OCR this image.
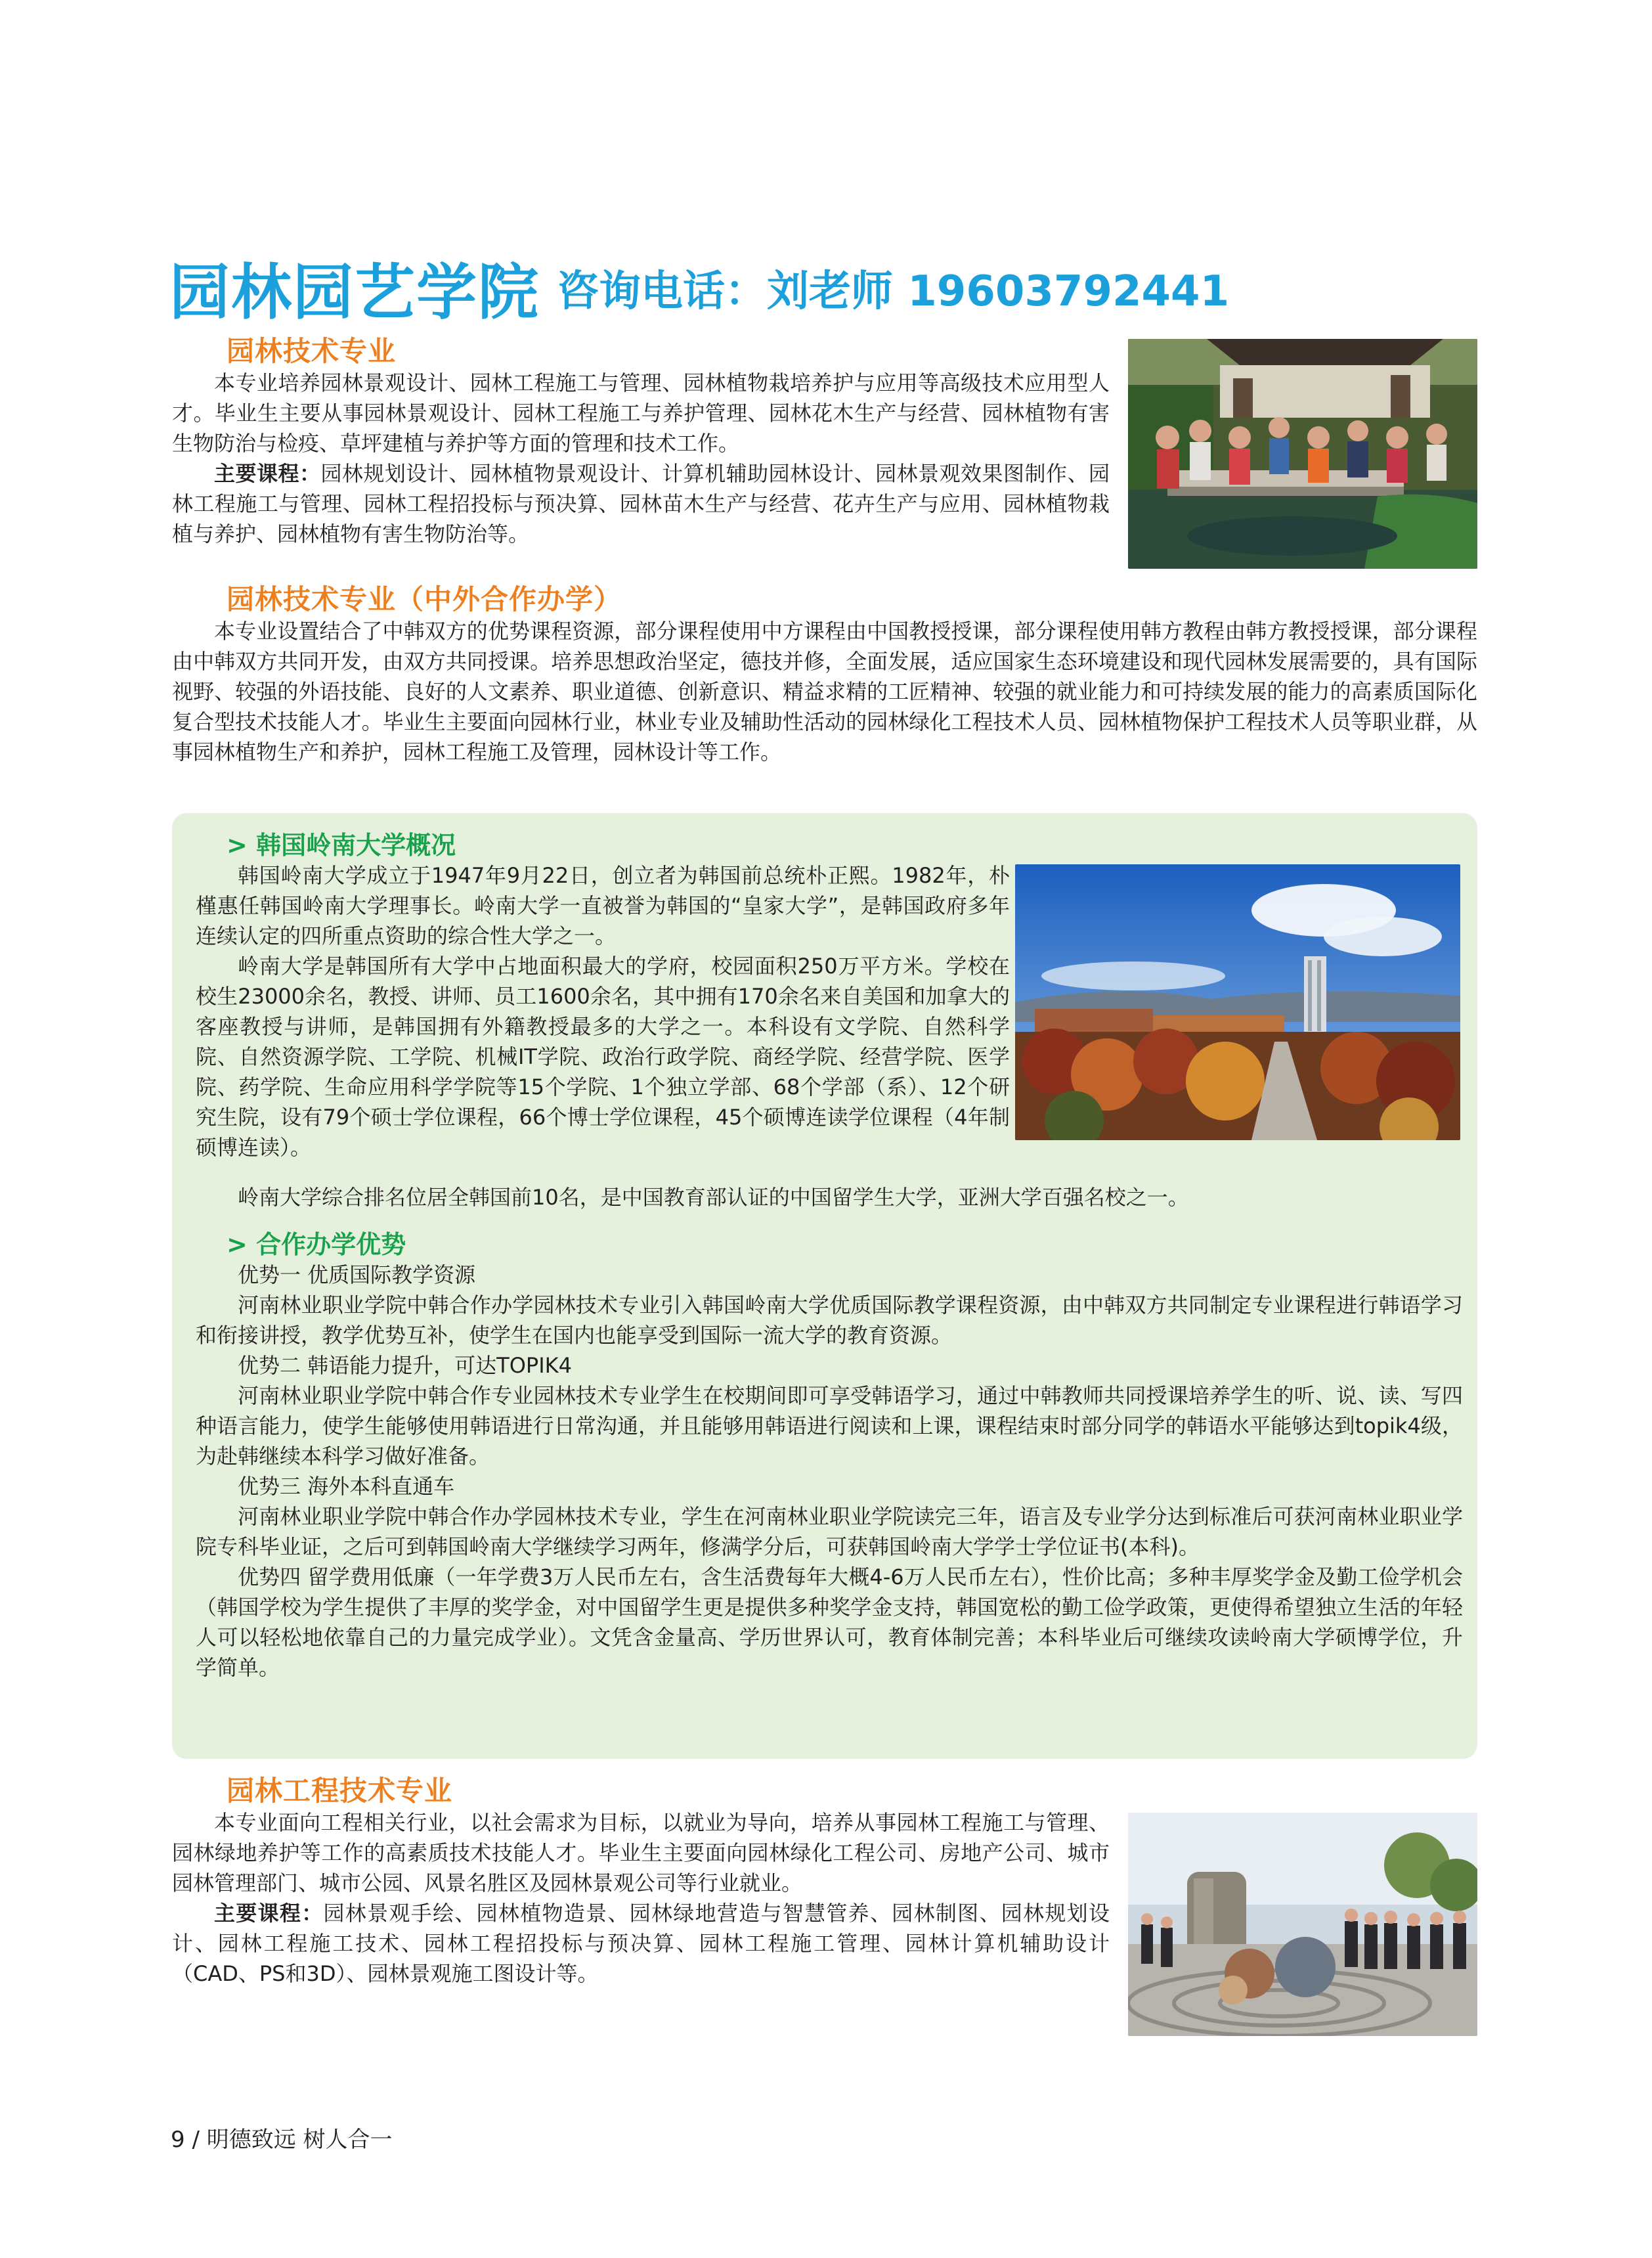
园林园艺学院 咨询电话：刘老师 19603792441
园林技术专业

本专业培养园林景观设计、园林工程施工与管理、园林植物栽培养护与应用等高级技术应用型人才。毕业生主要从事园林景观设计、园林工程施工与养护管理、园林花木生产与经营、园林植物有害生物防治与检疫、草坪建植与养护等方面的管理和技术工作。

主要课程：园林规划设计、园林植物景观设计、计算机辅助园林设计、园林景观效果图制作、园林工程施工与管理、园林工程招投标与预决算、园林苗木生产与经营、花卉生产与应用、园林植物栽植与养护、园林植物有害生物防治等。

园林技术专业（中外合作办学）

本专业设置结合了中韩双方的优势课程资源，部分课程使用中方课程由中国教授授课，部分课程使用韩方教程由韩方教授授课，部分课程由中韩双方共同开发，由双方共同授课。培养思想政治坚定，德技并修，全面发展，适应国家生态环境建设和现代园林发展需要的，具有国际视野、较强的外语技能、良好的人文素养、职业道德、创新意识、精益求精的工匠精神、较强的就业能力和可持续发展的能力的高素质国际化复合型技术技能人才。毕业生主要面向园林行业，林业专业及辅助性活动的园林绿化工程技术人员、园林植物保护工程技术人员等职业群，从事园林植物生产和养护，园林工程施工及管理，园林设计等工作。

> 韩国岭南大学概况

韩国岭南大学成立于1947年9月22日，创立者为韩国前总统朴正熙。1982年，朴槿惠任韩国岭南大学理事长。岭南大学一直被誉为韩国的“皇家大学”，是韩国政府多年连续认定的四所重点资助的综合性大学之一。

岭南大学是韩国所有大学中占地面积最大的学府，校园面积250万平方米。学校在校生23000余名，教授、讲师、员工1600余名，其中拥有170余名来自美国和加拿大的客座教授与讲师，是韩国拥有外籍教授最多的大学之一。本科设有文学院、自然科学院、自然资源学院、工学院、机械IT学院、政治行政学院、商经学院、经营学院、医学院、药学院、生命应用科学学院等15个学院、1个独立学部、68个学部（系）、12个研究生院，设有79个硕士学位课程，66个博士学位课程，45个硕博连读学位课程（4年制硕博连读）。

岭南大学综合排名位居全韩国前10名，是中国教育部认证的中国留学生大学，亚洲大学百强名校之一。

> 合作办学优势

优势一 优质国际教学资源

河南林业职业学院中韩合作办学园林技术专业引入韩国岭南大学优质国际教学课程资源，由中韩双方共同制定专业课程进行韩语学习和衔接讲授，教学优势互补，使学生在国内也能享受到国际一流大学的教育资源。

优势二 韩语能力提升，可达TOPIK4

河南林业职业学院中韩合作专业园林技术专业学生在校期间即可享受韩语学习，通过中韩教师共同授课培养学生的听、说、读、写四种语言能力，使学生能够使用韩语进行日常沟通，并且能够用韩语进行阅读和上课，课程结束时部分同学的韩语水平能够达到topik4级，为赴韩继续本科学习做好准备。

优势三 海外本科直通车

河南林业职业学院中韩合作办学园林技术专业，学生在河南林业职业学院读完三年，语言及专业学分达到标准后可获河南林业职业学院专科毕业证，之后可到韩国岭南大学继续学习两年，修满学分后，可获韩国岭南大学学士学位证书(本科)。

优势四 留学费用低廉（一年学费3万人民币左右，含生活费每年大概4-6万人民币左右），性价比高；多种丰厚奖学金及勤工俭学机会（韩国学校为学生提供了丰厚的奖学金，对中国留学生更是提供多种奖学金支持，韩国宽松的勤工俭学政策，更使得希望独立生活的年轻人可以轻松地依靠自己的力量完成学业）。文凭含金量高、学历世界认可，教育体制完善；本科毕业后可继续攻读岭南大学硕博学位，升学简单。

园林工程技术专业

本专业面向工程相关行业，以社会需求为目标，以就业为导向，培养从事园林工程施工与管理、园林绿地养护等工作的高素质技术技能人才。毕业生主要面向园林绿化工程公司、房地产公司、城市园林管理部门、城市公园、风景名胜区及园林景观公司等行业就业。

主要课程：园林景观手绘、园林植物造景、园林绿地营造与智慧管养、园林制图、园林规划设计、园林工程施工技术、园林工程招投标与预决算、园林工程施工管理、园林计算机辅助设计（CAD、PS和3D）、园林景观施工图设计等。

9 / 明德致远 树人合一
